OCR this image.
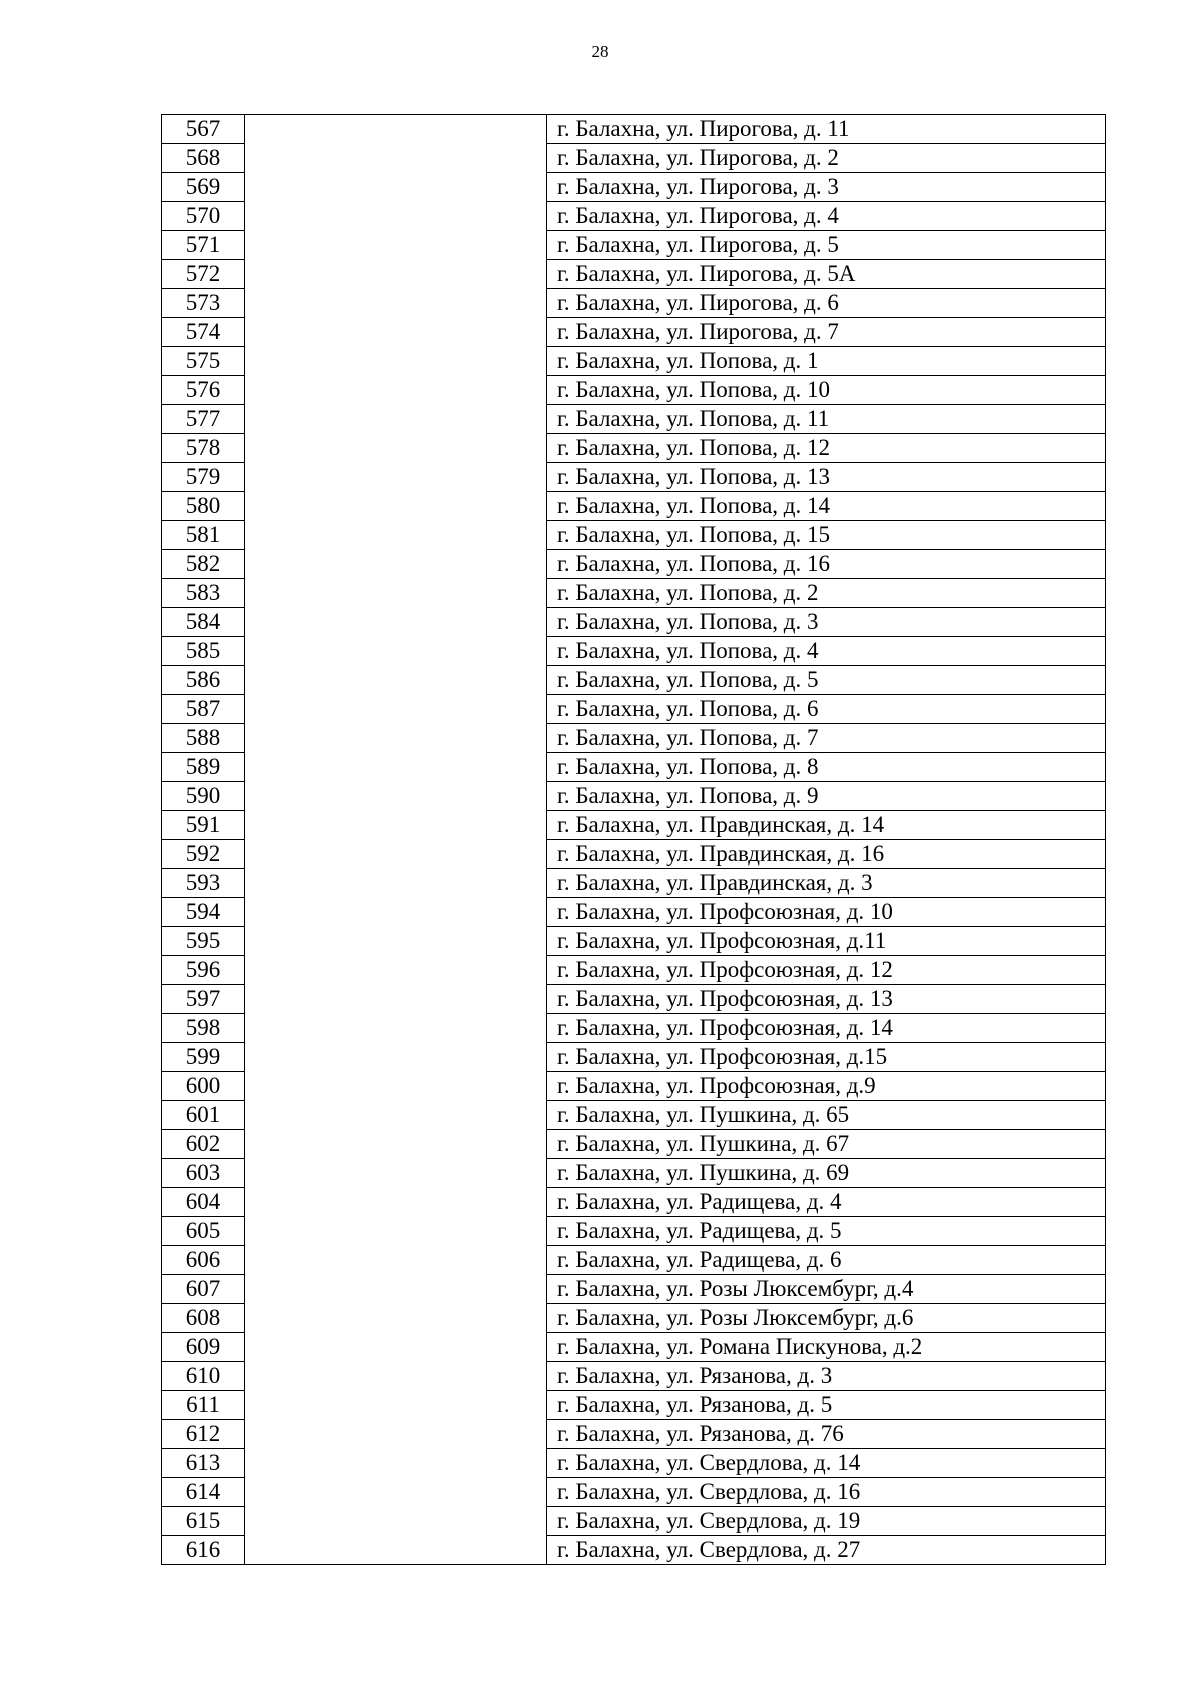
28
567		г. Балахна, ул. Пирогова, д. 11
568		г. Балахна, ул. Пирогова, д. 2
569		г. Балахна, ул. Пирогова, д. 3
570		г. Балахна, ул. Пирогова, д. 4
571		г. Балахна, ул. Пирогова, д. 5
572		г. Балахна, ул. Пирогова, д. 5А
573		г. Балахна, ул. Пирогова, д. 6
574		г. Балахна, ул. Пирогова, д. 7
575		г. Балахна, ул. Попова, д. 1
576		г. Балахна, ул. Попова, д. 10
577		г. Балахна, ул. Попова, д. 11
578		г. Балахна, ул. Попова, д. 12
579		г. Балахна, ул. Попова, д. 13
580		г. Балахна, ул. Попова, д. 14
581		г. Балахна, ул. Попова, д. 15
582		г. Балахна, ул. Попова, д. 16
583		г. Балахна, ул. Попова, д. 2
584		г. Балахна, ул. Попова, д. 3
585		г. Балахна, ул. Попова, д. 4
586		г. Балахна, ул. Попова, д. 5
587		г. Балахна, ул. Попова, д. 6
588		г. Балахна, ул. Попова, д. 7
589		г. Балахна, ул. Попова, д. 8
590		г. Балахна, ул. Попова, д. 9
591		г. Балахна, ул. Правдинская, д. 14
592		г. Балахна, ул. Правдинская, д. 16
593		г. Балахна, ул. Правдинская, д. 3
594		г. Балахна, ул. Профсоюзная, д. 10
595		г. Балахна, ул. Профсоюзная, д.11
596		г. Балахна, ул. Профсоюзная, д. 12
597		г. Балахна, ул. Профсоюзная, д. 13
598		г. Балахна, ул. Профсоюзная, д. 14
599		г. Балахна, ул. Профсоюзная, д.15
600		г. Балахна, ул. Профсоюзная, д.9
601		г. Балахна, ул. Пушкина, д. 65
602		г. Балахна, ул. Пушкина, д. 67
603		г. Балахна, ул. Пушкина, д. 69
604		г. Балахна, ул. Радищева, д. 4
605		г. Балахна, ул. Радищева, д. 5
606		г. Балахна, ул. Радищева, д. 6
607		г. Балахна, ул. Розы Люксембург, д.4
608		г. Балахна, ул. Розы Люксембург, д.6
609		г. Балахна, ул. Романа Пискунова, д.2
610		г. Балахна, ул. Рязанова, д. 3
611		г. Балахна, ул. Рязанова, д. 5
612		г. Балахна, ул. Рязанова, д. 76
613		г. Балахна, ул. Свердлова, д. 14
614		г. Балахна, ул. Свердлова, д. 16
615		г. Балахна, ул. Свердлова, д. 19
616		г. Балахна, ул. Свердлова, д. 27
